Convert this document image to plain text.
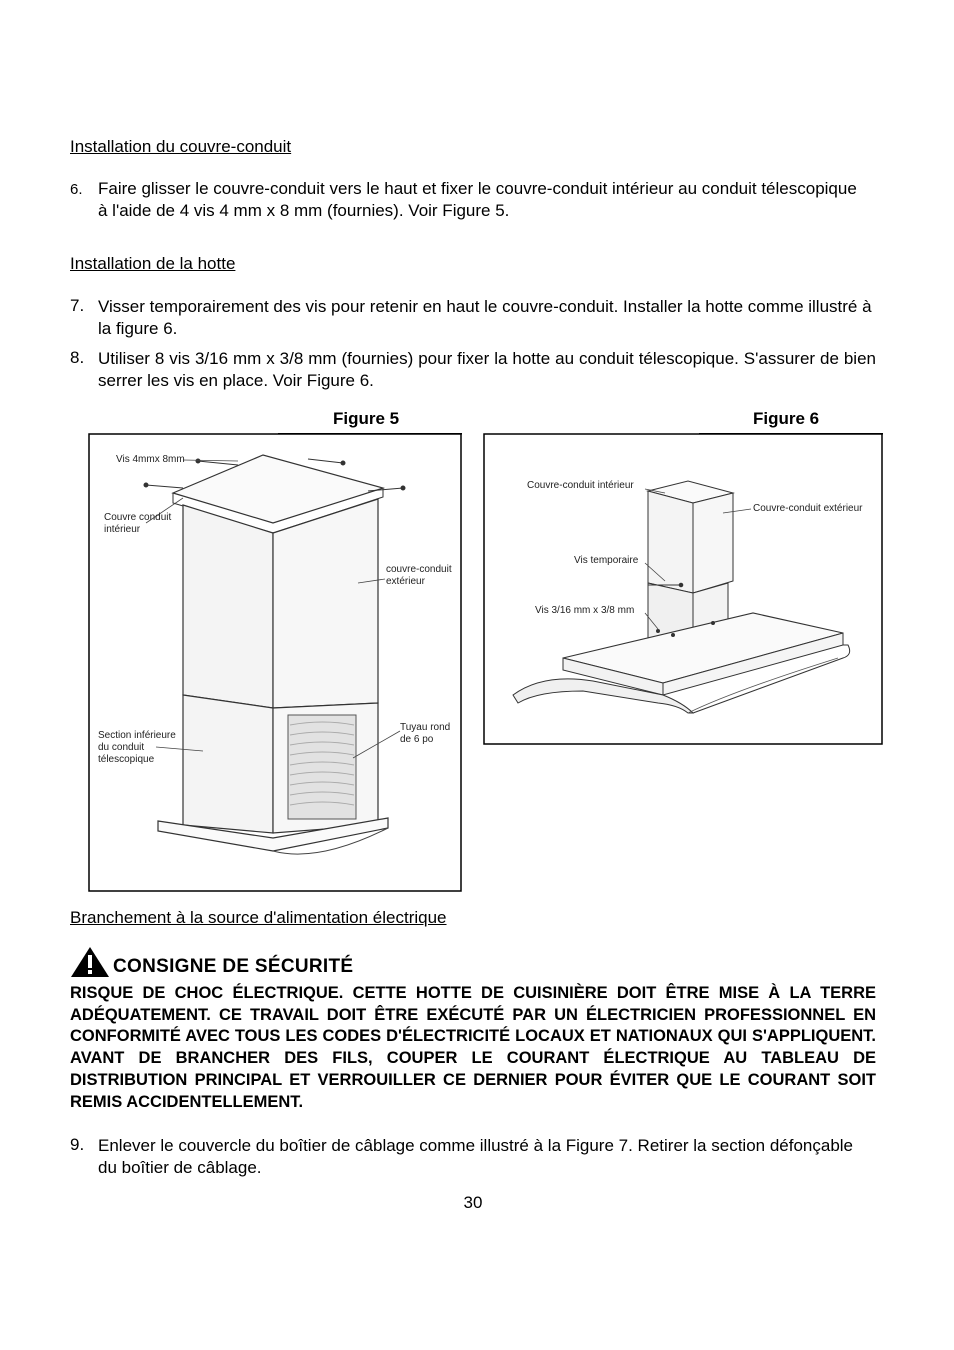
Installation du couvre-conduit
6. Faire glisser le couvre-conduit vers le haut et fixer le couvre-conduit intérieur au conduit télescopique à l'aide de 4 vis 4 mm x 8 mm (fournies). Voir Figure 5.
Installation de la hotte
7. Visser temporairement des vis pour retenir en haut le couvre-conduit. Installer la hotte comme illustré à la figure 6.
8. Utiliser 8 vis 3/16 mm x 3/8 mm (fournies) pour fixer la hotte au conduit télescopique. S'assurer de bien serrer les vis en place. Voir Figure 6.
Figure 5	Figure 6
Vis 4mmx 8mm
Couvre conduit
intérieur
couvre-conduit
extérieur
Section inférieure
du conduit
télescopique
Tuyau rond
de 6 po
Couvre-conduit intérieur
Couvre-conduit extérieur
Vis temporaire
Vis 3/16 mm x 3/8 mm
Branchement à la source d'alimentation électrique
CONSIGNE DE SÉCURITÉ
RISQUE DE CHOC ÉLECTRIQUE. CETTE HOTTE DE CUISINIÈRE DOIT ÊTRE MISE À LA TERRE ADÉQUATEMENT. CE TRAVAIL DOIT ÊTRE EXÉCUTÉ PAR UN ÉLECTRICIEN PROFESSIONNEL EN CONFORMITÉ AVEC TOUS LES CODES D'ÉLECTRICITÉ LOCAUX ET NATIONAUX QUI S'APPLIQUENT. AVANT DE BRANCHER DES FILS, COUPER LE COURANT ÉLECTRIQUE AU TABLEAU DE DISTRIBUTION PRINCIPAL ET VERROUILLER CE DERNIER POUR ÉVITER QUE LE COURANT SOIT REMIS ACCIDENTELLEMENT.
9. Enlever le couvercle du boîtier de câblage comme illustré à la Figure 7. Retirer la section défonçable du boîtier de câblage.
30
